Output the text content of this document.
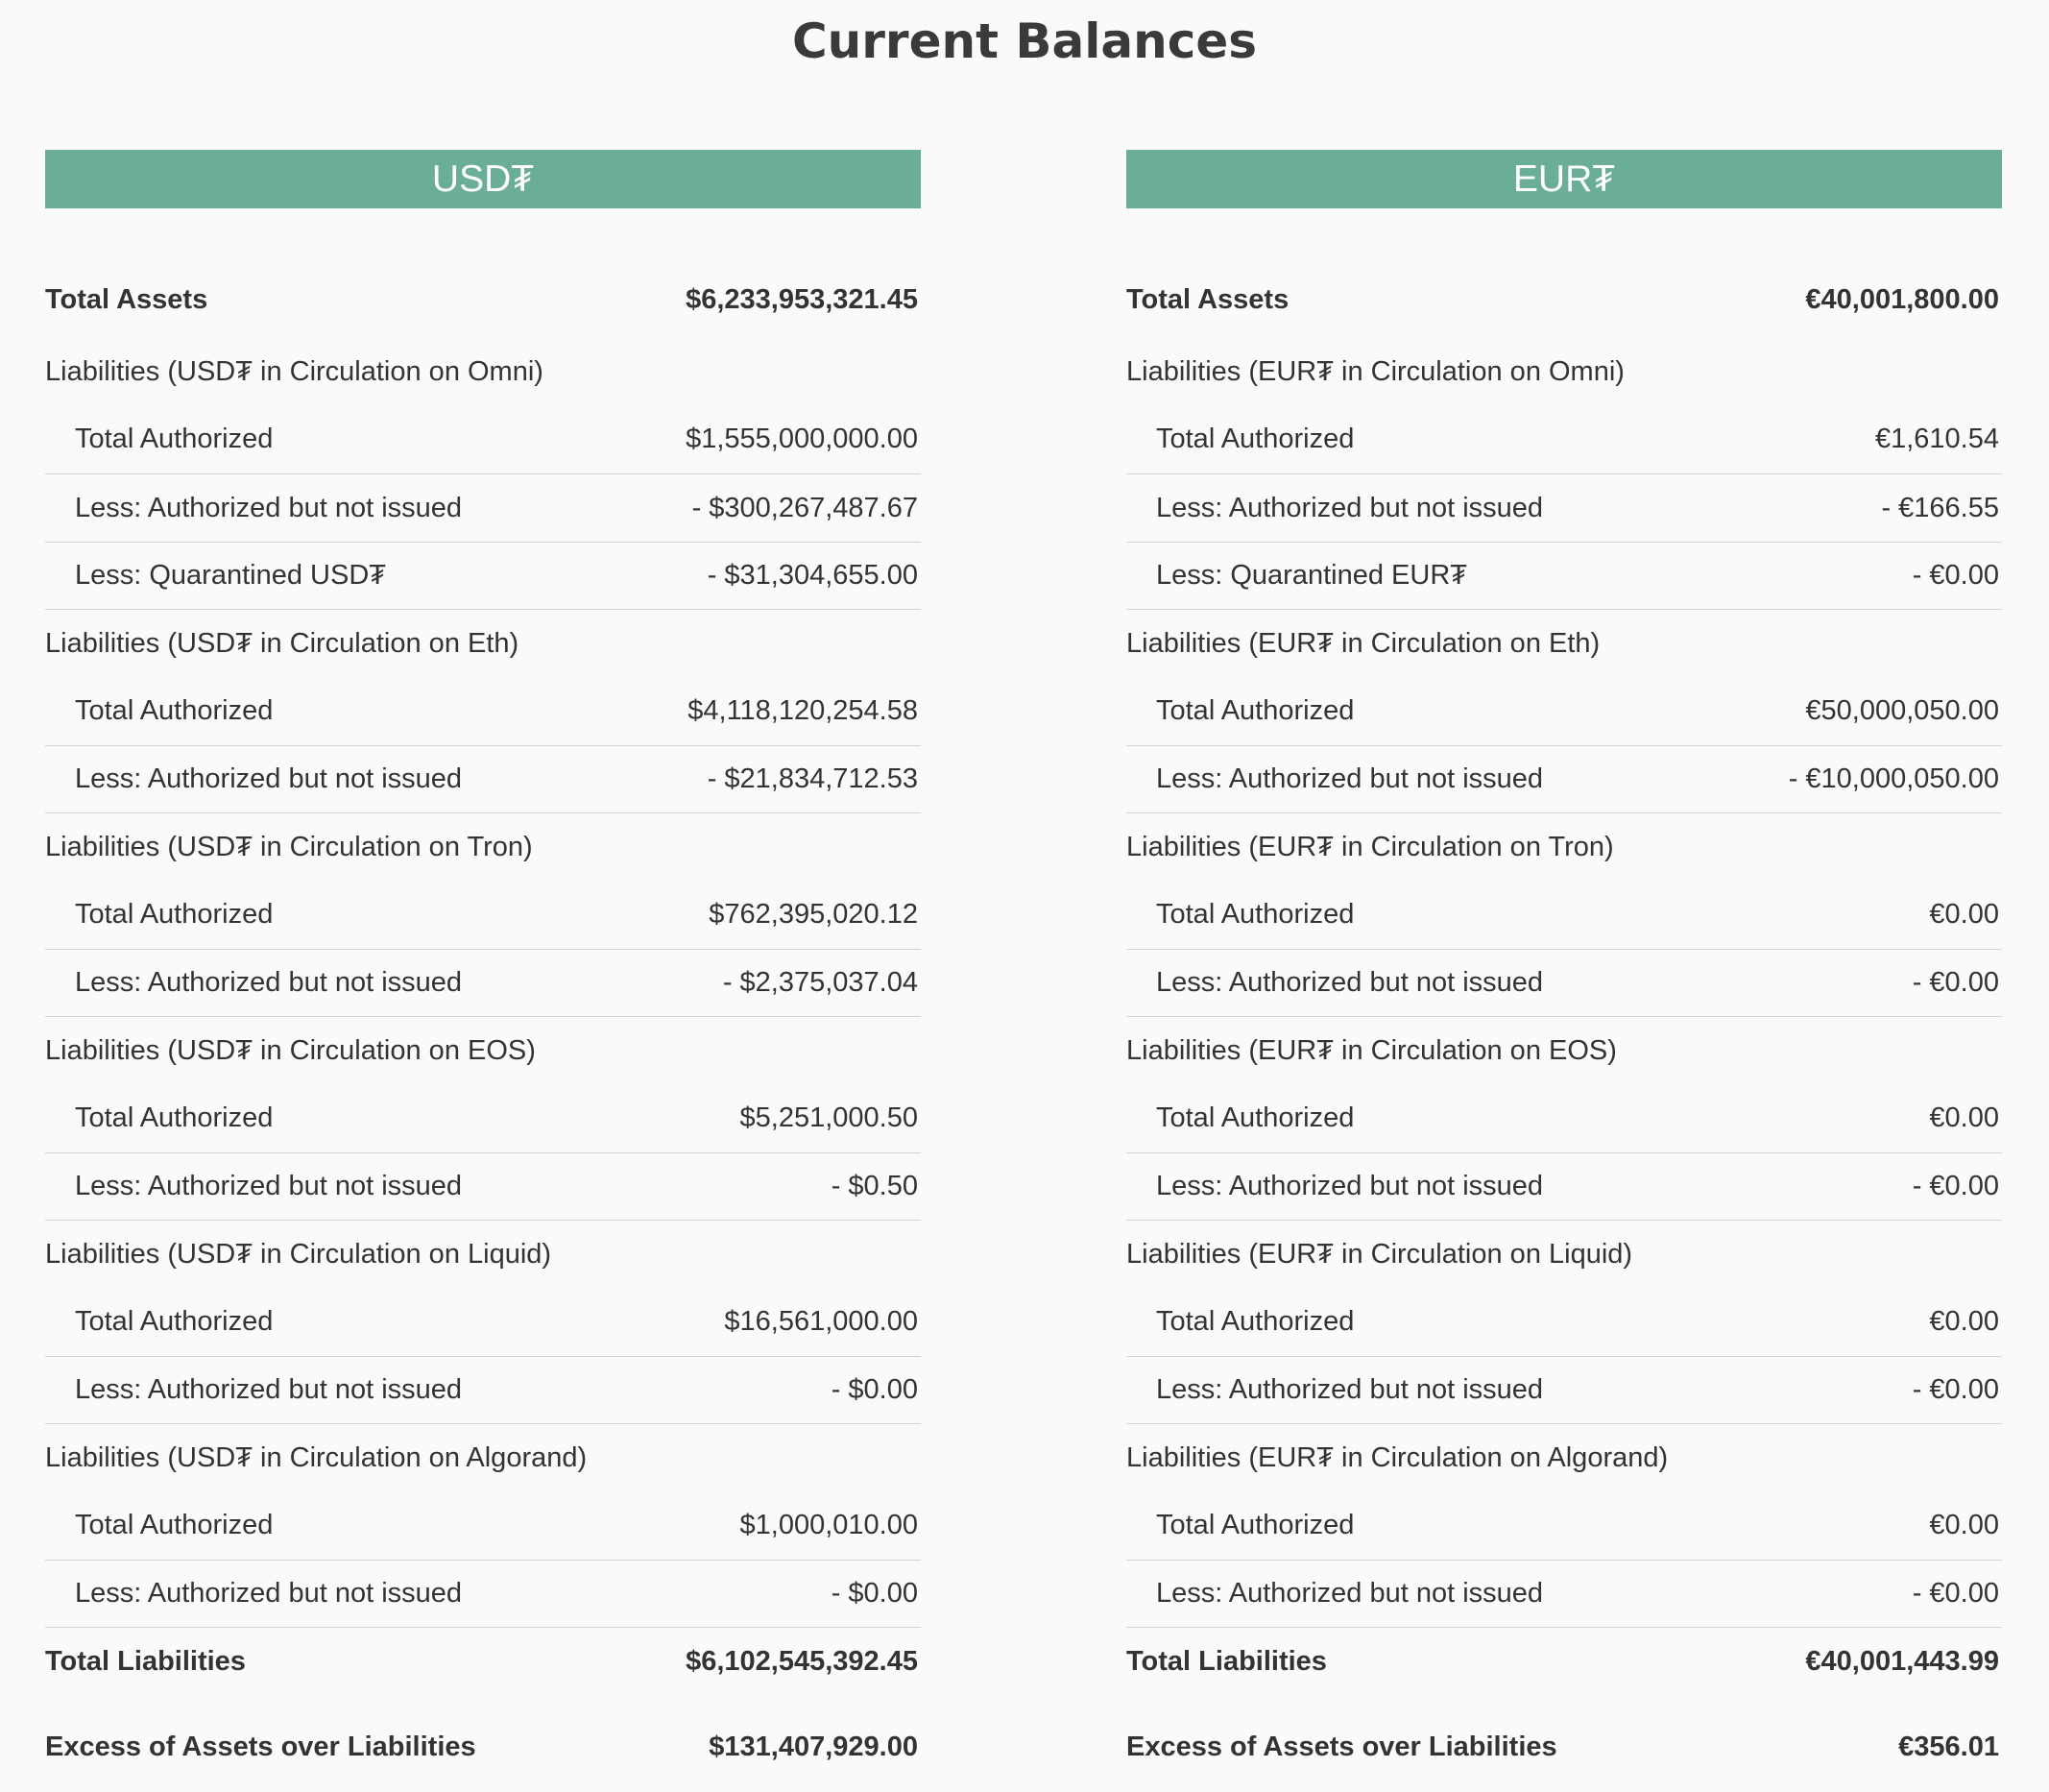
Current Balances
USD₮
Total Assets	$6,233,953,321.45
Liabilities (USD₮ in Circulation on Omni)
Total Authorized	$1,555,000,000.00
Less: Authorized but not issued	- $300,267,487.67
Less: Quarantined USD₮	- $31,304,655.00
Liabilities (USD₮ in Circulation on Eth)
Total Authorized	$4,118,120,254.58
Less: Authorized but not issued	- $21,834,712.53
Liabilities (USD₮ in Circulation on Tron)
Total Authorized	$762,395,020.12
Less: Authorized but not issued	- $2,375,037.04
Liabilities (USD₮ in Circulation on EOS)
Total Authorized	$5,251,000.50
Less: Authorized but not issued	- $0.50
Liabilities (USD₮ in Circulation on Liquid)
Total Authorized	$16,561,000.00
Less: Authorized but not issued	- $0.00
Liabilities (USD₮ in Circulation on Algorand)
Total Authorized	$1,000,010.00
Less: Authorized but not issued	- $0.00
Total Liabilities	$6,102,545,392.45
Excess of Assets over Liabilities	$131,407,929.00
EUR₮
Total Assets	€40,001,800.00
Liabilities (EUR₮ in Circulation on Omni)
Total Authorized	€1,610.54
Less: Authorized but not issued	- €166.55
Less: Quarantined EUR₮	- €0.00
Liabilities (EUR₮ in Circulation on Eth)
Total Authorized	€50,000,050.00
Less: Authorized but not issued	- €10,000,050.00
Liabilities (EUR₮ in Circulation on Tron)
Total Authorized	€0.00
Less: Authorized but not issued	- €0.00
Liabilities (EUR₮ in Circulation on EOS)
Total Authorized	€0.00
Less: Authorized but not issued	- €0.00
Liabilities (EUR₮ in Circulation on Liquid)
Total Authorized	€0.00
Less: Authorized but not issued	- €0.00
Liabilities (EUR₮ in Circulation on Algorand)
Total Authorized	€0.00
Less: Authorized but not issued	- €0.00
Total Liabilities	€40,001,443.99
Excess of Assets over Liabilities	€356.01
